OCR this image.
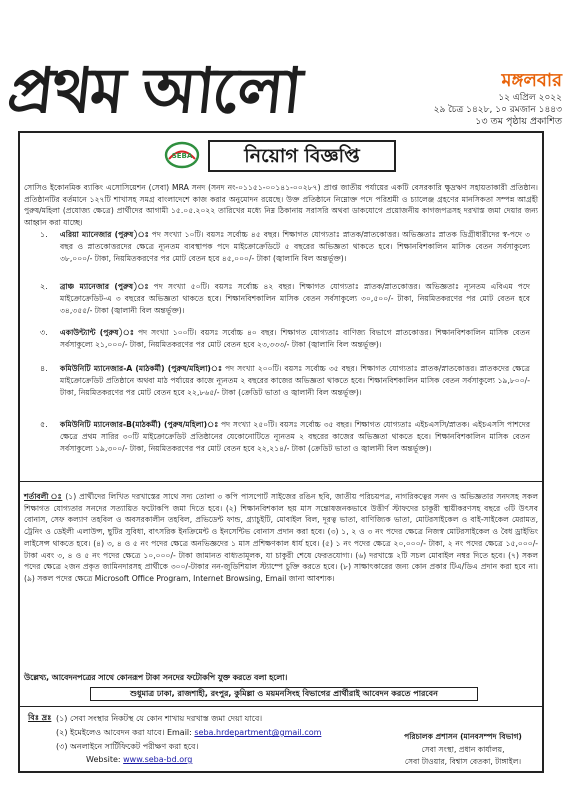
প্রথম আলো	মঙ্গলবার
১২ এপ্রিল ২০২২
২৯ চৈত্র ১৪২৮, ১০ রমজান ১৪৪৩
১৩ তম পৃষ্ঠায় প্রকাশিত
SEBA	নিয়োগ বিজ্ঞপ্তি
সোসিও ইকোনমিক ব্যাকিং এসোসিয়েশন (সেবা) MRA সনদ (সনদ নং-০১১৫১-০০১৪১-০০২৮৭) প্রাপ্ত জাতীয় পর্যায়ের একটি বেসরকারি ক্ষুদ্রঋণ সহায়তাকারী প্রতিষ্ঠান। প্রতিষ্ঠানটির বর্তমানে ১২৭টি শাখাসহ সমগ্র বাংলাদেশে কাজ করার অনুমোদন রয়েছে। উক্ত প্রতিষ্ঠানে নিম্নোক্ত পদে পরিশ্রমী ও চ্যালেঞ্জ গ্রহণের মানসিকতা সম্পন্ন আগ্রহী পুরুষ/মহিলা (প্রযোজ্য ক্ষেত্রে) প্রার্থীদের আগামী ১৫.০৫.২০২২ তারিখের মধ্যে নিম্ন ঠিকানায় সরাসরি অথবা ডাকযোগে প্রয়োজনীয় কাগজপত্রসহ দরখাস্ত জমা দেয়ার জন্য আহ্বান করা যাচ্ছে।
১.	এরিয়া ম্যানেজার (পুরুষ)ঃ পদ সংখ্যা ১০টি। বয়সঃ সর্বোচ্চ ৪৫ বছর। শিক্ষাগত যোগ্যতাঃ স্নাতক/স্নাতকোত্তর। অভিজ্ঞতাঃ স্নাতক ডিগ্রীধারীদের স্ব-পদে ৩ বছর ও স্নাতকোত্তরদের ক্ষেত্রে ন্যূনতম ব্যবস্থাপক পদে মাইক্রোক্রেডিটে ৫ বছরের অভিজ্ঞতা থাকতে হবে। শিক্ষানবিশকালিন মাসিক বেতন সর্বসাকুল্যে ৩৮,০০০/- টাকা, নিয়মিতকরণের পর মোট বেতন হবে ৪৫,০০০/- টাকা (জ্বালানি বিল অন্তর্ভূক্ত)।
২.	ব্রাঞ্চ ম্যানেজার (পুরুষ)ঃ পদ সংখ্যা ৫০টি। বয়সঃ সর্বোচ্চ ৪২ বছর। শিক্ষাগত যোগ্যতাঃ স্নাতক/স্নাতকোত্তর। অভিজ্ঞতাঃ ন্যূনতম এবিএম পদে মাইক্রোক্রেডিট-এ ৩ বছরের অভিজ্ঞতা থাকতে হবে। শিক্ষানবিশকালিন মাসিক বেতন সর্বসাকুল্যে ৩০,৫০০/- টাকা, নিয়মিতকরণের পর মোট বেতন হবে ৩৪,৩৫৫/- টাকা (জ্বালানী বিল অন্তর্ভূক্ত)।
৩.	একাউন্ট্যান্ট (পুরুষ)ঃ পদ সংখ্যা ১০০টি। বয়সঃ সর্বোচ্চ ৪০ বছর। শিক্ষাগত যোগ্যতাঃ বাণিজ্য বিভাগে স্নাতকোত্তর। শিক্ষানবিশকালিন মাসিক বেতন সর্বসাকুল্যে ২১,০০০/- টাকা, নিয়মিতকরণের পর মোট বেতন হবে ২৩,৩৩৩/- টাকা (জ্বালানি বিল অন্তর্ভূক্ত)।
৪.	কমিউনিটি ম্যানেজার-A (মাঠকর্মী) (পুরুষ/মহিলা)ঃ পদ সংখ্যা ২০০টি। বয়সঃ সর্বোচ্চ ৩৫ বছর। শিক্ষাগত যোগ্যতাঃ স্নাতক/স্নাতকোত্তর। স্নাতকদের ক্ষেত্রে মাইক্রোক্রেডিট প্রতিষ্ঠানে অথবা মাঠ পর্যায়ের কাজে ন্যূনতম ২ বছরের কাজের অভিজ্ঞতা থাকতে হবে। শিক্ষানবিশকালিন মাসিক বেতন সর্বসাকুল্যে ১৯,৮০০/- টাকা, নিয়মিতকরণের পর মোট বেতন হবে ২২,৮৬৫/- টাকা (ক্রেডিট ভাতা ও জ্বালানী বিল অন্তর্ভূক্ত)।
৫.	কমিউনিটি ম্যানেজার-B(মাঠকর্মী) (পুরুষ/মহিলা)ঃ পদ সংখ্যা ২৫০টি। বয়সঃ সর্বোচ্চ ৩৫ বছর। শিক্ষাগত যোগ্যতাঃ এইচএসসি/স্নাতক। এইচএসসি পাশদের ক্ষেত্রে প্রথম সারির ৩০টি মাইক্রোক্রেডিট প্রতিষ্ঠানের যেকোনোটিতে ন্যূনতম ২ বছরের কাজের অভিজ্ঞতা থাকতে হবে। শিক্ষানবিশকালিন মাসিক বেতন সর্বসাকুল্যে ১৯,৩০০/- টাকা, নিয়মিতকরণের পর মোট বেতন হবে ২২,২১৪/- টাকা (ক্রেডিট ভাতা ও জ্বালানী বিল অন্তর্ভূক্ত)।
শর্তাবলী ঃ (১) প্রার্থীদের লিখিত দরখাস্তের সাথে সদ্য তোলা ৩ কপি পাসপোর্ট সাইজের রঙিন ছবি, জাতীয় পরিচয়পত্র, নাগরিকত্বের সনদ ও অভিজ্ঞতার সনদসহ সকল শিক্ষাগত যোগ্যতার সনদের সত্যায়িত ফটোকপি জমা দিতে হবে। (২) শিক্ষানবিশকাল ছয় মাস সন্তোষজনকভাবে উত্তীর্ণ স্টাফদের চাকুরী স্থায়ীকরণসহ বছরে ৩টি উৎসব বোনাস, সেফ কল্যাণ তহবিল ও অবসরকালীন তহবিল, প্রভিডেন্ট ফান্ড, গ্র্যাচুইটি, মোবাইল বিল, দূরত্ব ভাতা, বাণিজ্যিক ভাতা, মোটরসাইকেল ও বাই-সাইকেল মেরামত, ট্রেনিং ও ডেইলী এলাউন্স, ছুটির সুবিধা, বাৎসরিক ইনক্রিমেন্ট ও ইনসেন্টিভ বোনাস প্রদান করা হবে। (৩) ১, ২ ও ৩ নং পদের ক্ষেত্রে নিজস্ব মোটরসাইকেল ও বৈধ ড্রাইভিং লাইসেন্স থাকতে হবে। (৪) ৩, ৪ ও ৫ নং পদের ক্ষেত্রে অনভিজ্ঞদের ১ মাস প্রশিক্ষণকাল ধার্য হবে। (৫) ১ নং পদের ক্ষেত্রে ২০,০০০/- টাকা, ২ নং পদের ক্ষেত্রে ১৫,০০০/- টাকা এবং ৩, ৪ ও ৫ নং পদের ক্ষেত্রে ১০,০০০/- টাকা জামানত বাধ্যতামূলক, যা চাকুরী শেষে ফেরতযোগ্য। (৬) দরখাস্তে ২টি সচল মোবাইল নম্বর দিতে হবে। (৭) সকল পদের ক্ষেত্রে ২জন প্রকৃত জামিনদারসহ প্রার্থীকে ৩০০/-টাকার নন-জুডিশিয়াল স্ট্যাম্পে চুক্তি করতে হবে। (৮) সাক্ষাৎকারের জন্য কোন প্রকার টিএ/ডিএ প্রদান করা হবে না। (৯) সকল পদের ক্ষেত্রে Microsoft Office Program, Internet Browsing, Email জানা আবশ্যক।
উল্লেখ্য, আবেদনপত্রের সাথে কোনরূপ টাকা সনদের ফটোকপি যুক্ত করতে বলা হলো।
শুধুমাত্র ঢাকা, রাজশাহী, রংপুর, কুমিল্লা ও ময়মনসিংহ বিভাগের প্রার্থীরাই আবেদন করতে পারবেন
বিঃ দ্রঃ (১) সেবা সংস্থার নিকটস্থ যে কোন শাখায় দরখাস্ত জমা দেয়া যাবে।
(২) ইমেইলেও আবেদন করা যাবে। Email: seba.hrdepartment@gmail.com
(৩) অনলাইনে সার্টিফিকেট পরীক্ষণ করা হবে।
Website: www.seba-bd.org
পরিচালক প্রশাসন (মানবসম্পদ বিভাগ)
সেবা সংস্থা, প্রধান কার্যালয়,
সেবা টাওয়ার, বিশ্বাস বেতকা, টাঙ্গাইল।
